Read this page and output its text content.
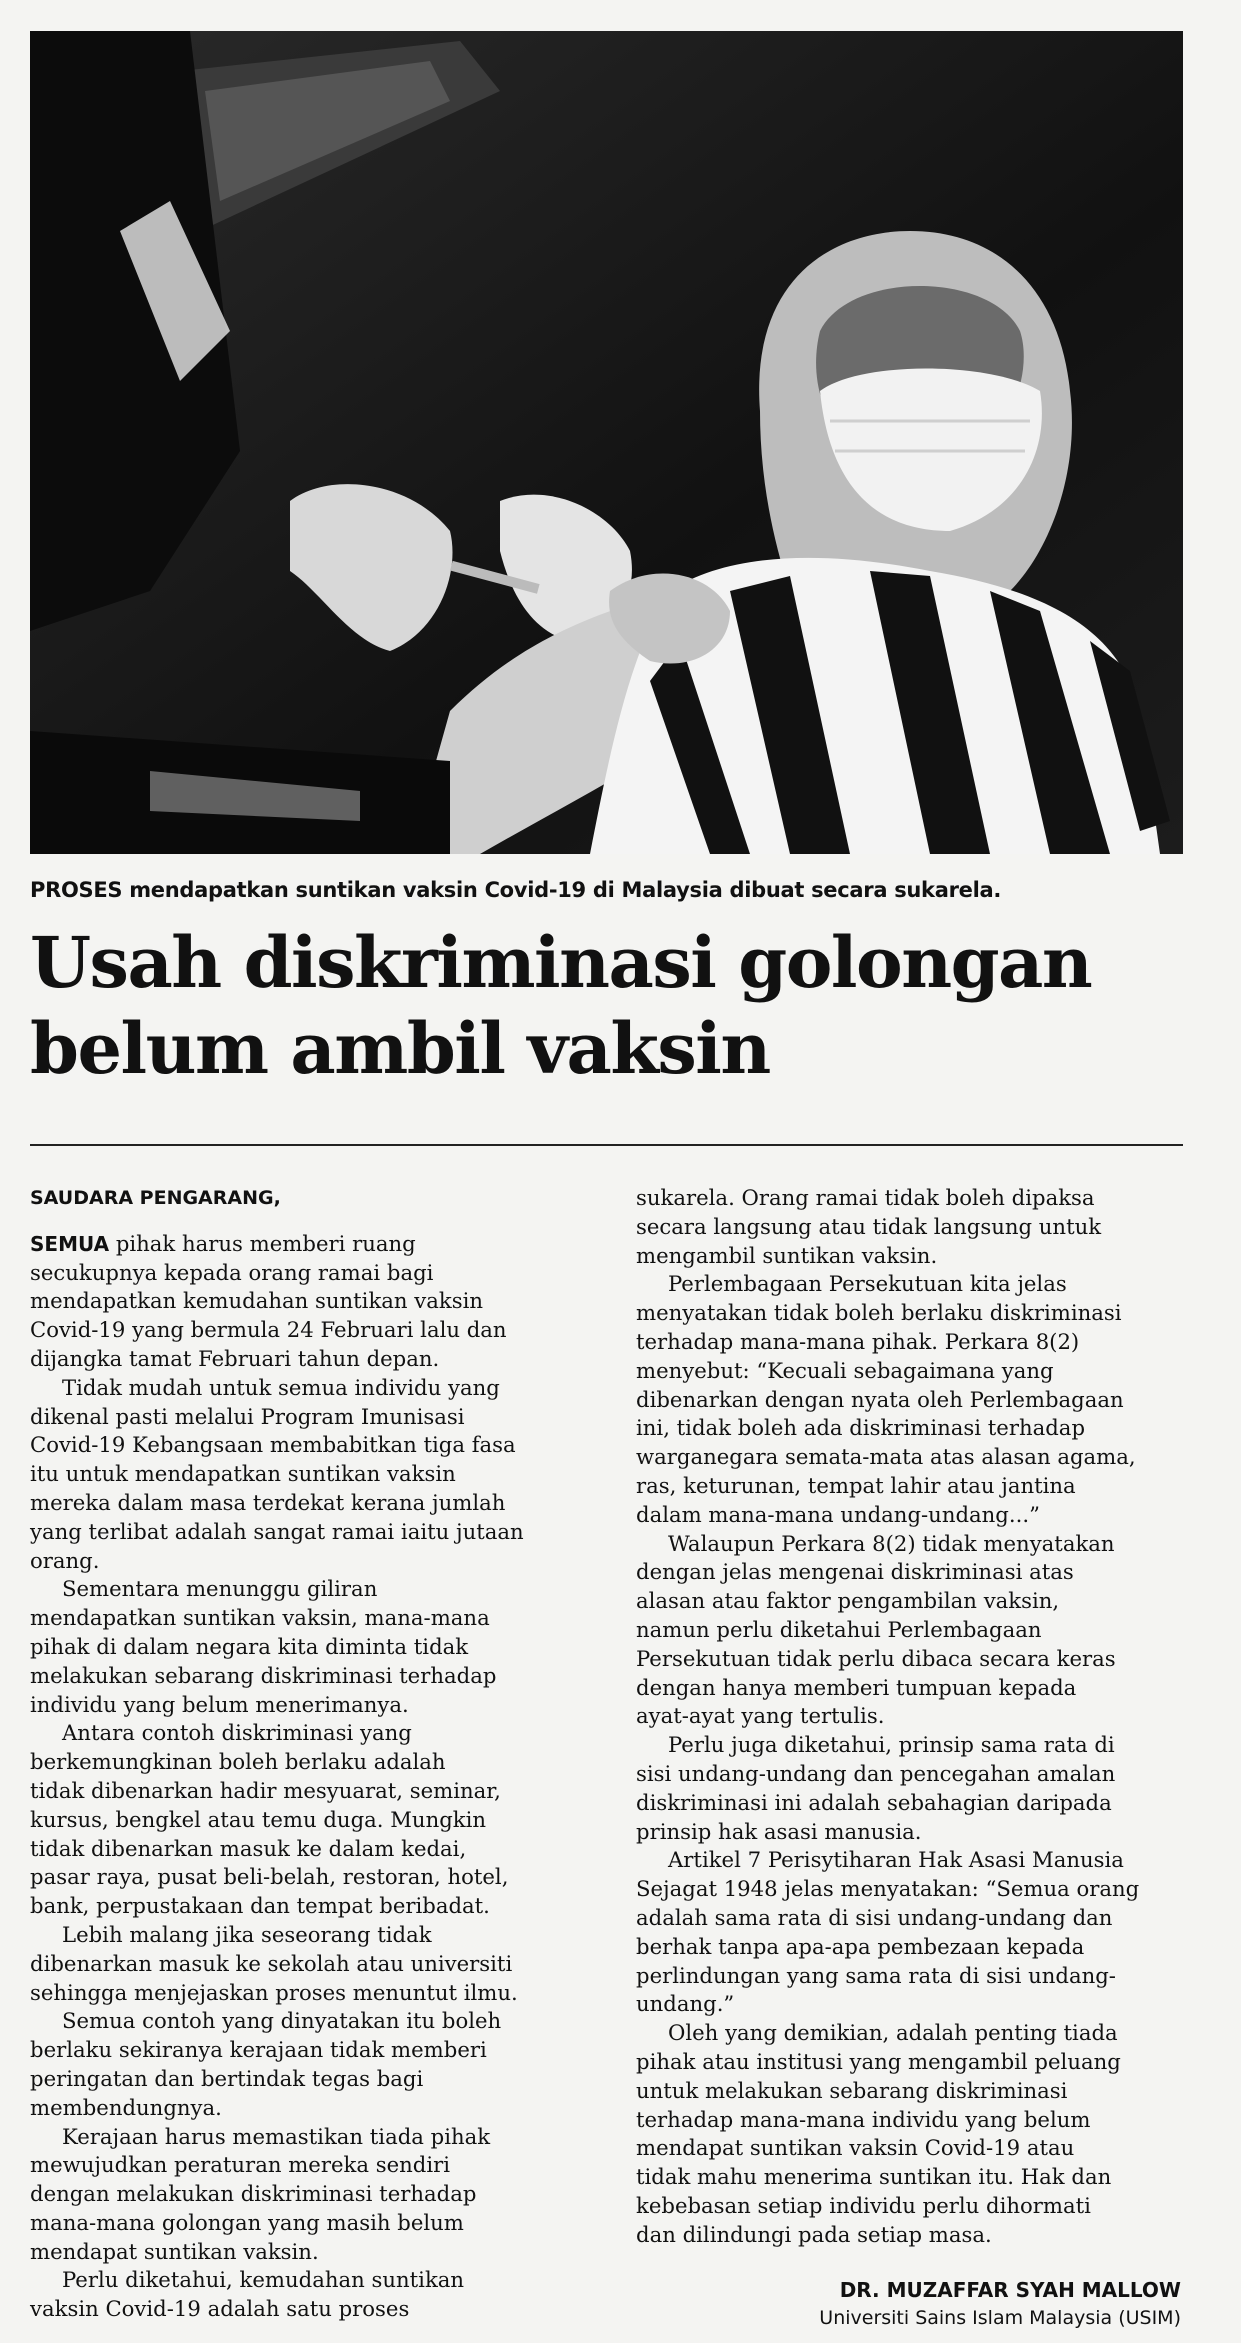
PROSES mendapatkan suntikan vaksin Covid-19 di Malaysia dibuat secara sukarela.
Usah diskriminasi golongan
belum ambil vaksin
SAUDARA PENGARANG,
SEMUA pihak harus memberi ruang
secukupnya kepada orang ramai bagi
mendapatkan kemudahan suntikan vaksin
Covid-19 yang bermula 24 Februari lalu dan
dijangka tamat Februari tahun depan.
Tidak mudah untuk semua individu yang
dikenal pasti melalui Program Imunisasi
Covid-19 Kebangsaan membabitkan tiga fasa
itu untuk mendapatkan suntikan vaksin
mereka dalam masa terdekat kerana jumlah
yang terlibat adalah sangat ramai iaitu jutaan
orang.
Sementara menunggu giliran
mendapatkan suntikan vaksin, mana-mana
pihak di dalam negara kita diminta tidak
melakukan sebarang diskriminasi terhadap
individu yang belum menerimanya.
Antara contoh diskriminasi yang
berkemungkinan boleh berlaku adalah
tidak dibenarkan hadir mesyuarat, seminar,
kursus, bengkel atau temu duga. Mungkin
tidak dibenarkan masuk ke dalam kedai,
pasar raya, pusat beli-belah, restoran, hotel,
bank, perpustakaan dan tempat beribadat.
Lebih malang jika seseorang tidak
dibenarkan masuk ke sekolah atau universiti
sehingga menjejaskan proses menuntut ilmu.
Semua contoh yang dinyatakan itu boleh
berlaku sekiranya kerajaan tidak memberi
peringatan dan bertindak tegas bagi
membendungnya.
Kerajaan harus memastikan tiada pihak
mewujudkan peraturan mereka sendiri
dengan melakukan diskriminasi terhadap
mana-mana golongan yang masih belum
mendapat suntikan vaksin.
Perlu diketahui, kemudahan suntikan
vaksin Covid-19 adalah satu proses
sukarela. Orang ramai tidak boleh dipaksa
secara langsung atau tidak langsung untuk
mengambil suntikan vaksin.
Perlembagaan Persekutuan kita jelas
menyatakan tidak boleh berlaku diskriminasi
terhadap mana-mana pihak. Perkara 8(2)
menyebut: “Kecuali sebagaimana yang
dibenarkan dengan nyata oleh Perlembagaan
ini, tidak boleh ada diskriminasi terhadap
warganegara semata-mata atas alasan agama,
ras, keturunan, tempat lahir atau jantina
dalam mana-mana undang-undang...”
Walaupun Perkara 8(2) tidak menyatakan
dengan jelas mengenai diskriminasi atas
alasan atau faktor pengambilan vaksin,
namun perlu diketahui Perlembagaan
Persekutuan tidak perlu dibaca secara keras
dengan hanya memberi tumpuan kepada
ayat-ayat yang tertulis.
Perlu juga diketahui, prinsip sama rata di
sisi undang-undang dan pencegahan amalan
diskriminasi ini adalah sebahagian daripada
prinsip hak asasi manusia.
Artikel 7 Perisytiharan Hak Asasi Manusia
Sejagat 1948 jelas menyatakan: “Semua orang
adalah sama rata di sisi undang-undang dan
berhak tanpa apa-apa pembezaan kepada
perlindungan yang sama rata di sisi undang-
undang.”
Oleh yang demikian, adalah penting tiada
pihak atau institusi yang mengambil peluang
untuk melakukan sebarang diskriminasi
terhadap mana-mana individu yang belum
mendapat suntikan vaksin Covid-19 atau
tidak mahu menerima suntikan itu. Hak dan
kebebasan setiap individu perlu dihormati
dan dilindungi pada setiap masa.
DR. MUZAFFAR SYAH MALLOW
Universiti Sains Islam Malaysia (USIM)
